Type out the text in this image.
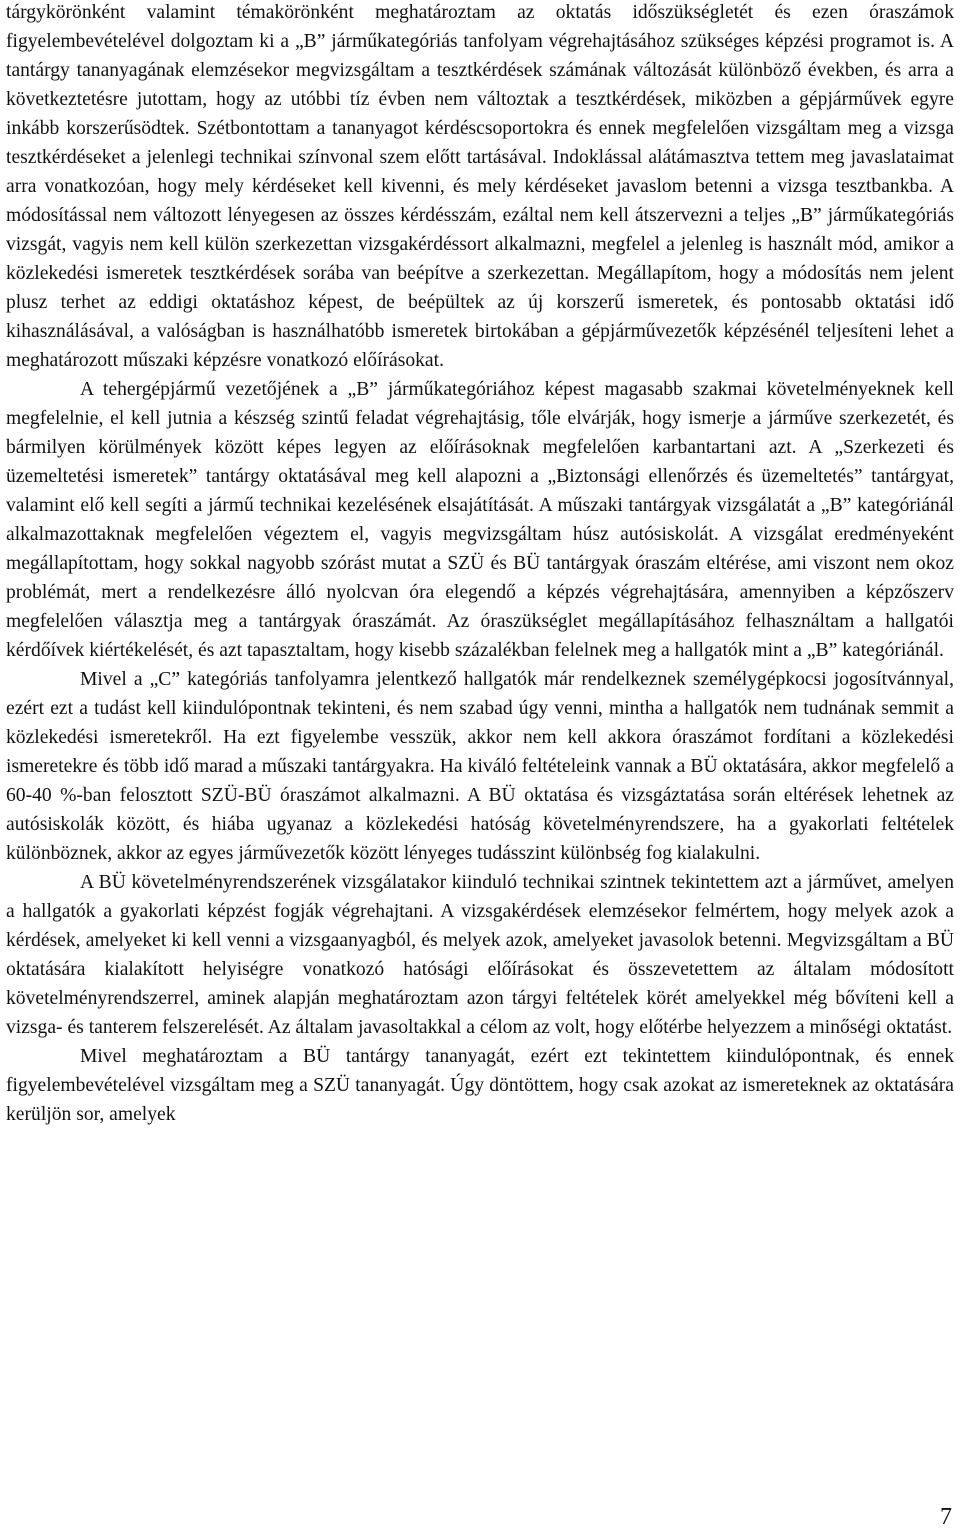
tárgykörönként valamint témakörönként meghatároztam az oktatás időszükségletét és ezen óraszámok figyelembevételével dolgoztam ki a „B” járműkategóriás tanfolyam végrehajtásához szükséges képzési programot is. A tantárgy tananyagának elemzésekor megvizsgáltam a tesztkérdések számának változását különböző években, és arra a következtetésre jutottam, hogy az utóbbi tíz évben nem változtak a tesztkérdések, miközben a gépjárművek egyre inkább korszerűsödtek. Szétbontottam a tananyagot kérdéscsoportokra és ennek megfelelően vizsgáltam meg a vizsga tesztkérdéseket a jelenlegi technikai színvonal szem előtt tartásával. Indoklással alátámasztva tettem meg javaslataimat arra vonatkozóan, hogy mely kérdéseket kell kivenni, és mely kérdéseket javaslom betenni a vizsga tesztbankba. A módosítással nem változott lényegesen az összes kérdésszám, ezáltal nem kell átszervezni a teljes „B” járműkategóriás vizsgát, vagyis nem kell külön szerkezettan vizsgakérdéssort alkalmazni, megfelel a jelenleg is használt mód, amikor a közlekedési ismeretek tesztkérdések sorába van beépítve a szerkezettan. Megállapítom, hogy a módosítás nem jelent plusz terhet az eddigi oktatáshoz képest, de beépültek az új korszerű ismeretek, és pontosabb oktatási idő kihasználásával, a valóságban is használhatóbb ismeretek birtokában a gépjárművezetők képzésénél teljesíteni lehet a meghatározott műszaki képzésre vonatkozó előírásokat.

A tehergépjármű vezetőjének a „B” járműkategóriához képest magasabb szakmai követelményeknek kell megfelelnie, el kell jutnia a készség szintű feladat végrehajtásig, tőle elvárják, hogy ismerje a járműve szerkezetét, és bármilyen körülmények között képes legyen az előírásoknak megfelelően karbantartani azt. A „Szerkezeti és üzemeltetési ismeretek” tantárgy oktatásával meg kell alapozni a „Biztonsági ellenőrzés és üzemeltetés” tantárgyat, valamint elő kell segíti a jármű technikai kezelésének elsajátítását. A műszaki tantárgyak vizsgálatát a „B” kategóriánál alkalmazottaknak megfelelően végeztem el, vagyis megvizsgáltam húsz autósiskolát. A vizsgálat eredményeként megállapítottam, hogy sokkal nagyobb szórást mutat a SZÜ és BÜ tantárgyak óraszám eltérése, ami viszont nem okoz problémát, mert a rendelkezésre álló nyolcvan óra elegendő a képzés végrehajtására, amennyiben a képzőszerv megfelelően választja meg a tantárgyak óraszámát. Az óraszükséglet megállapításához felhasználtam a hallgatói kérdőívek kiértékelését, és azt tapasztaltam, hogy kisebb százalékban felelnek meg a hallgatók mint a „B” kategóriánál.

Mivel a „C” kategóriás tanfolyamra jelentkező hallgatók már rendelkeznek személygépkocsi jogosítvánnyal, ezért ezt a tudást kell kiindulópontnak tekinteni, és nem szabad úgy venni, mintha a hallgatók nem tudnának semmit a közlekedési ismeretekről. Ha ezt figyelembe vesszük, akkor nem kell akkora óraszámot fordítani a közlekedési ismeretekre és több idő marad a műszaki tantárgyakra. Ha kiváló feltételeink vannak a BÜ oktatására, akkor megfelelő a 60-40 %-ban felosztott SZÜ-BÜ óraszámot alkalmazni. A BÜ oktatása és vizsgáztatása során eltérések lehetnek az autósiskolák között, és hiába ugyanaz a közlekedési hatóság követelményrendszere, ha a gyakorlati feltételek különböznek, akkor az egyes járművezetők között lényeges tudásszint különbség fog kialakulni.

A BÜ követelményrendszerének vizsgálatakor kiinduló technikai szintnek tekintettem azt a járművet, amelyen a hallgatók a gyakorlati képzést fogják végrehajtani. A vizsgakérdések elemzésekor felmértem, hogy melyek azok a kérdések, amelyeket ki kell venni a vizsgaanyagból, és melyek azok, amelyeket javasolok betenni. Megvizsgáltam a BÜ oktatására kialakított helyiségre vonatkozó hatósági előírásokat és összevetettem az általam módosított követelményrendszerrel, aminek alapján meghatároztam azon tárgyi feltételek körét amelyekkel még bővíteni kell a vizsga- és tanterem felszerelését. Az általam javasoltakkal a célom az volt, hogy előtérbe helyezzem a minőségi oktatást.

Mivel meghatároztam a BÜ tantárgy tananyagát, ezért ezt tekintettem kiindulópontnak, és ennek figyelembevételével vizsgáltam meg a SZÜ tananyagát. Úgy döntöttem, hogy csak azokat az ismereteknek az oktatására kerüljön sor, amelyek

7
